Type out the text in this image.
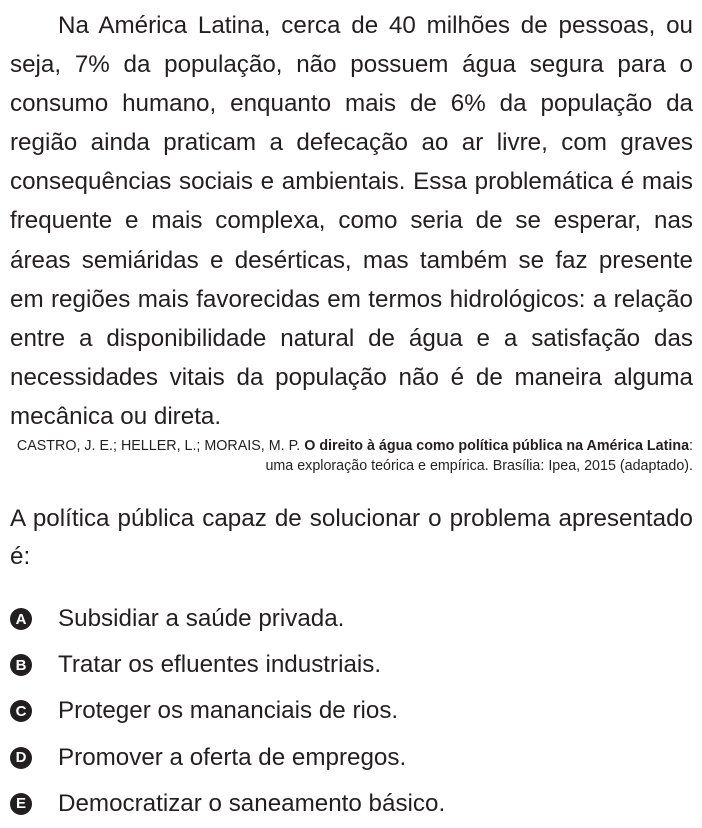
Na América Latina, cerca de 40 milhões de pessoas, ou seja, 7% da população, não possuem água segura para o consumo humano, enquanto mais de 6% da população da região ainda praticam a defecação ao ar livre, com graves consequências sociais e ambientais. Essa problemática é mais frequente e mais complexa, como seria de se esperar, nas áreas semiáridas e desérticas, mas também se faz presente em regiões mais favorecidas em termos hidrológicos: a relação entre a disponibilidade natural de água e a satisfação das necessidades vitais da população não é de maneira alguma mecânica ou direta.

CASTRO, J. E.; HELLER, L.; MORAIS, M. P. O direito à água como política pública na América Latina: uma exploração teórica e empírica. Brasília: Ipea, 2015 (adaptado).

A política pública capaz de solucionar o problema apresentado é:

A Subsidiar a saúde privada.
B Tratar os efluentes industriais.
C Proteger os mananciais de rios.
D Promover a oferta de empregos.
E Democratizar o saneamento básico.
